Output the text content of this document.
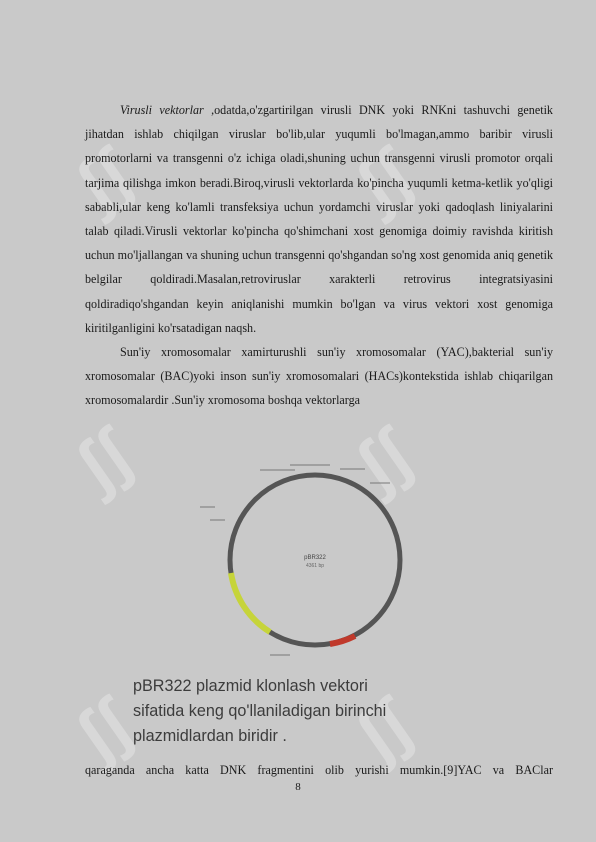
ʃʃ	ʃʃ
ʃʃ	ʃʃ
ʃʃ	ʃʃ

Virusli vektorlar ,odatda,o'zgartirilgan virusli DNK yoki RNKni tashuvchi genetik jihatdan ishlab chiqilgan viruslar bo'lib,ular yuqumli bo'lmagan,ammo baribir virusli promotorlarni va transgenni o'z ichiga oladi,shuning uchun transgenni virusli promotor orqali tarjima qilishga imkon beradi.Biroq,virusli vektorlarda ko'pincha yuqumli ketma-ketlik yo'qligi sababli,ular keng ko'lamli transfeksiya uchun yordamchi viruslar yoki qadoqlash liniyalarini talab qiladi.Virusli vektorlar ko'pincha qo'shimchani xost genomiga doimiy ravishda kiritish uchun mo'ljallangan va shuning uchun transgenni qo'shgandan so'ng xost genomida aniq genetik belgilar qoldiradi.Masalan,retroviruslar xarakterli retrovirus integratsiyasini qoldiradiqo'shgandan keyin aniqlanishi mumkin bo'lgan va virus vektori xost genomiga kiritilganligini ko'rsatadigan naqsh.

Sun'iy xromosomalar xamirturushli sun'iy xromosomalar (YAC),bakterial sun'iy xromosomalar (BAC)yoki inson sun'iy xromosomalari (HACs)kontekstida ishlab chiqarilgan xromosomalardir .Sun'iy xromosoma boshqa vektorlarga

pBR322
4361 bp
pBR322 plazmid klonlash vektori
sifatida keng qo'llaniladigan birinchi
plazmidlardan biridir .
qaraganda ancha katta DNK fragmentini olib yurishi mumkin.[9]YAC va BAClar
8
